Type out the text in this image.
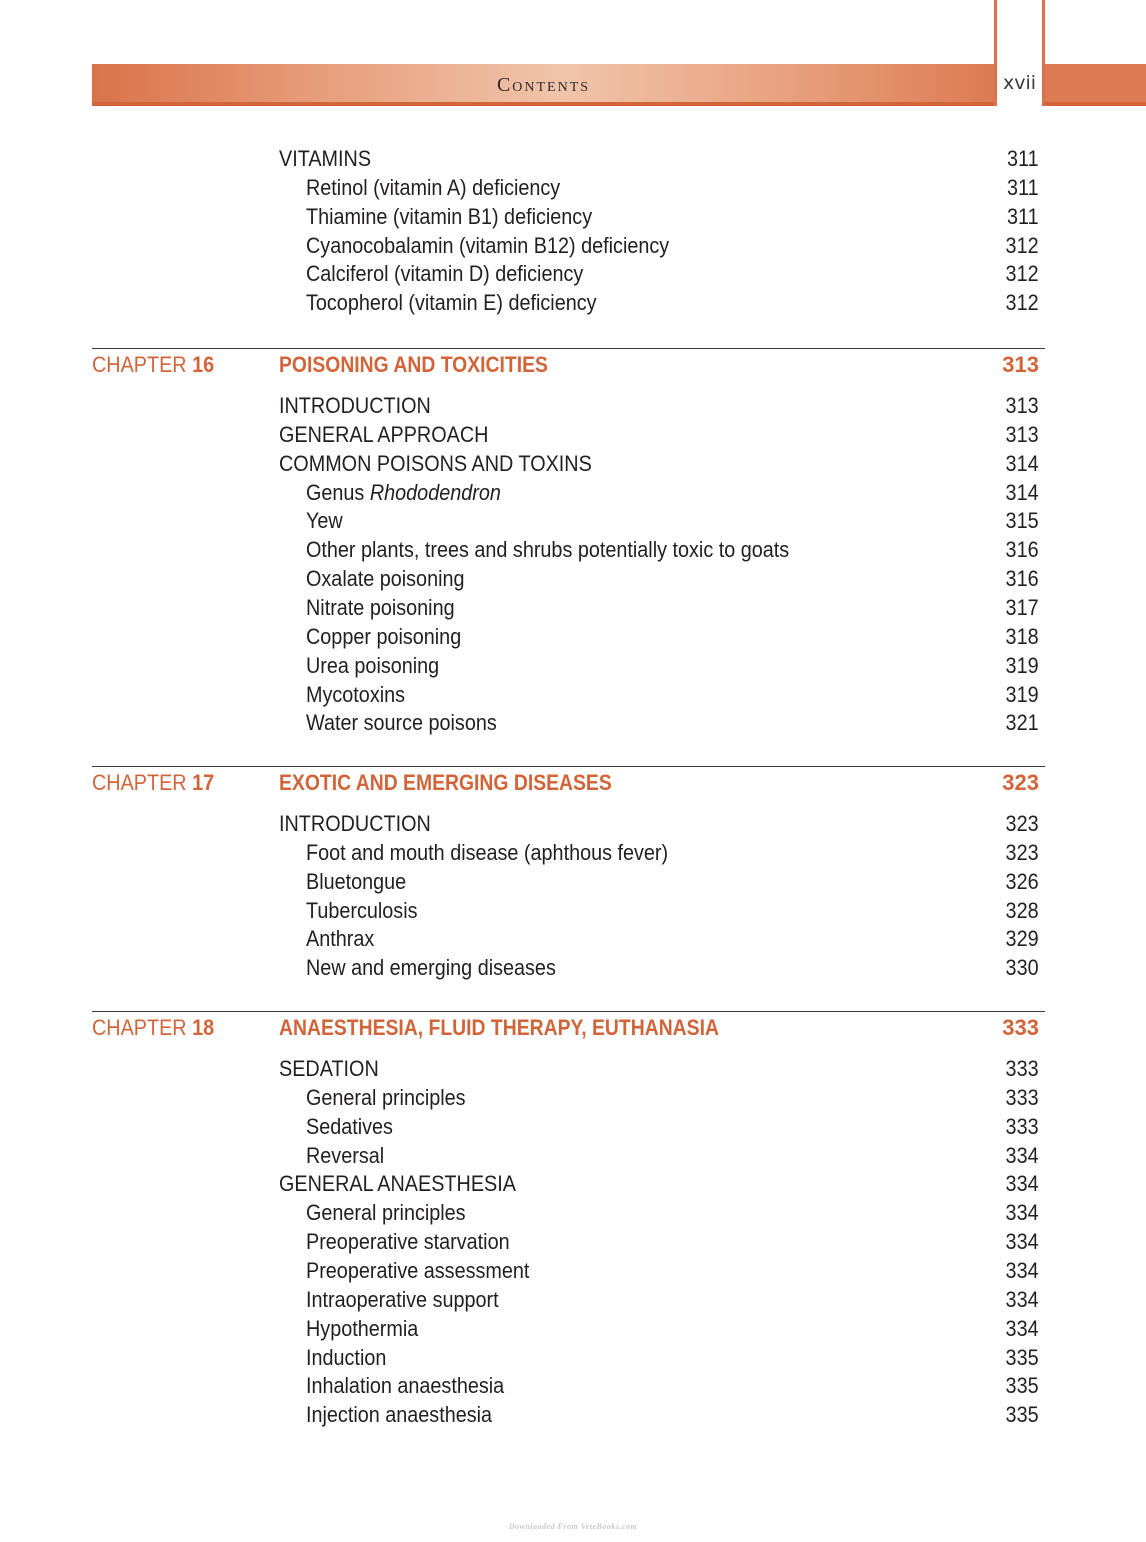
Contents	xvii
VITAMINS	311
Retinol (vitamin A) deficiency	311
Thiamine (vitamin B1) deficiency	311
Cyanocobalamin (vitamin B12) deficiency	312
Calciferol (vitamin D) deficiency	312
Tocopherol (vitamin E) deficiency	312
CHAPTER 16	POISONING AND TOXICITIES	313
INTRODUCTION	313
GENERAL APPROACH	313
COMMON POISONS AND TOXINS	314
Genus Rhododendron	314
Yew	315
Other plants, trees and shrubs potentially toxic to goats	316
Oxalate poisoning	316
Nitrate poisoning	317
Copper poisoning	318
Urea poisoning	319
Mycotoxins	319
Water source poisons	321
CHAPTER 17	EXOTIC AND EMERGING DISEASES	323
INTRODUCTION	323
Foot and mouth disease (aphthous fever)	323
Bluetongue	326
Tuberculosis	328
Anthrax	329
New and emerging diseases	330
CHAPTER 18	ANAESTHESIA, FLUID THERAPY, EUTHANASIA	333
SEDATION	333
General principles	333
Sedatives	333
Reversal	334
GENERAL ANAESTHESIA	334
General principles	334
Preoperative starvation	334
Preoperative assessment	334
Intraoperative support	334
Hypothermia	334
Induction	335
Inhalation anaesthesia	335
Injection anaesthesia	335
Downloaded From VeteBooks.com
